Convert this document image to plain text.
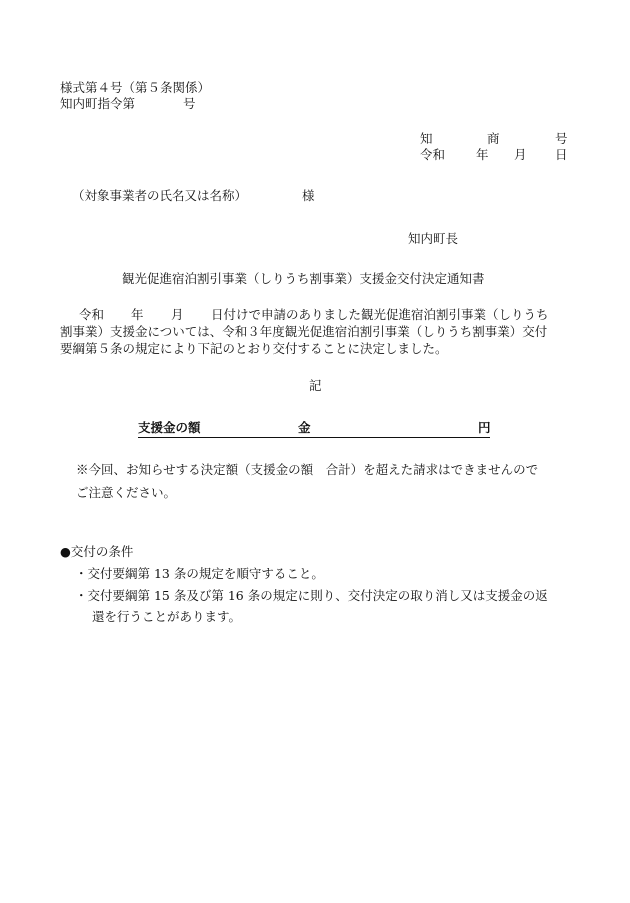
様式第４号（第５条関係）
知内町指令第	号
知	商	号
令和 年 月 日
（対象事業者の氏名又は名称）	様
知内町長
観光促進宿泊割引事業（しりうち割事業）支援金交付決定通知書
令和 年 月 日付けで申請のありました観光促進宿泊割引事業（しりうち
割事業）支援金については、令和３年度観光促進宿泊割引事業（しりうち割事業）交付
要綱第５条の規定により下記のとおり交付することに決定しました。
記
支援金の額	金	円
※今回、お知らせする決定額（支援金の額　合計）を超えた請求はできませんので
ご注意ください。
●交付の条件
・交付要綱第 13 条の規定を順守すること。
・交付要綱第 15 条及び第 16 条の規定に則り、交付決定の取り消し又は支援金の返
還を行うことがあります。
